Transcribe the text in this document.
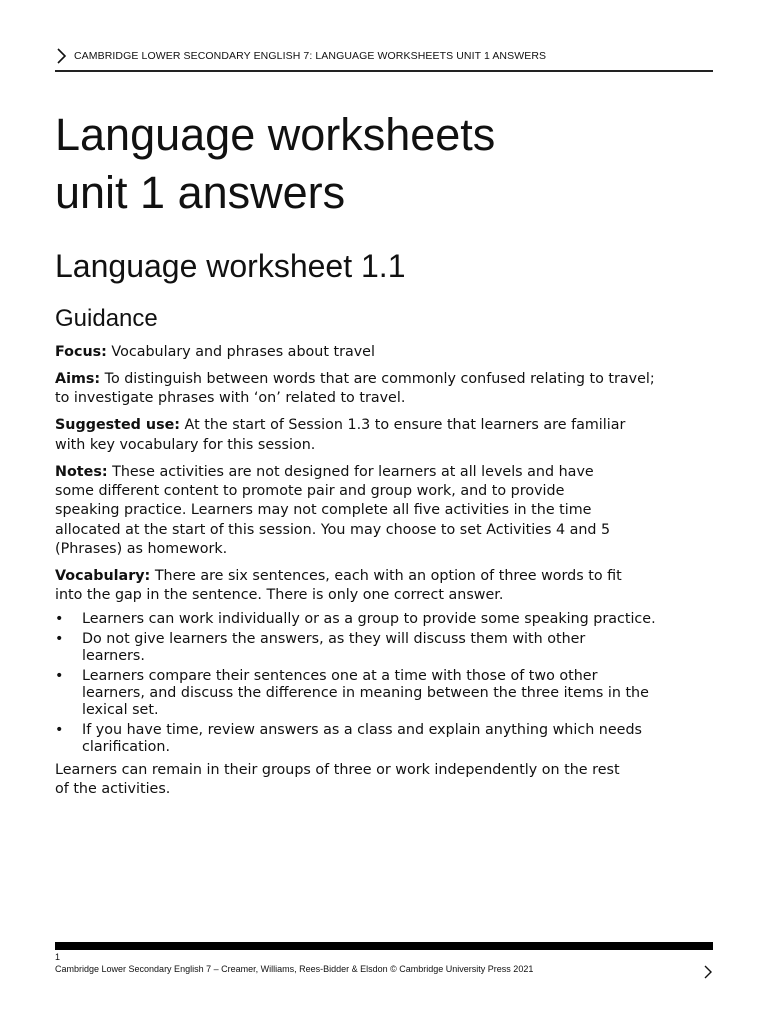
CAMBRIDGE LOWER SECONDARY ENGLISH 7: LANGUAGE WORKSHEETS UNIT 1 ANSWERS
Language worksheets
unit 1 answers
Language worksheet 1.1
Guidance

Focus: Vocabulary and phrases about travel

Aims: To distinguish between words that are commonly confused relating to travel;
to investigate phrases with ‘on’ related to travel.

Suggested use: At the start of Session 1.3 to ensure that learners are familiar
with key vocabulary for this session.

Notes: These activities are not designed for learners at all levels and have
some different content to promote pair and group work, and to provide
speaking practice. Learners may not complete all five activities in the time
allocated at the start of this session. You may choose to set Activities 4 and 5
(Phrases) as homework.

Vocabulary: There are six sentences, each with an option of three words to fit
into the gap in the sentence. There is only one correct answer.

• Learners can work individually or as a group to provide some speaking practice.
• Do not give learners the answers, as they will discuss them with other
learners.
• Learners compare their sentences one at a time with those of two other
learners, and discuss the difference in meaning between the three items in the
lexical set.
• If you have time, review answers as a class and explain anything which needs
clarification.

Learners can remain in their groups of three or work independently on the rest
of the activities.

1
Cambridge Lower Secondary English 7 – Creamer, Williams, Rees-Bidder & Elsdon © Cambridge University Press 2021
